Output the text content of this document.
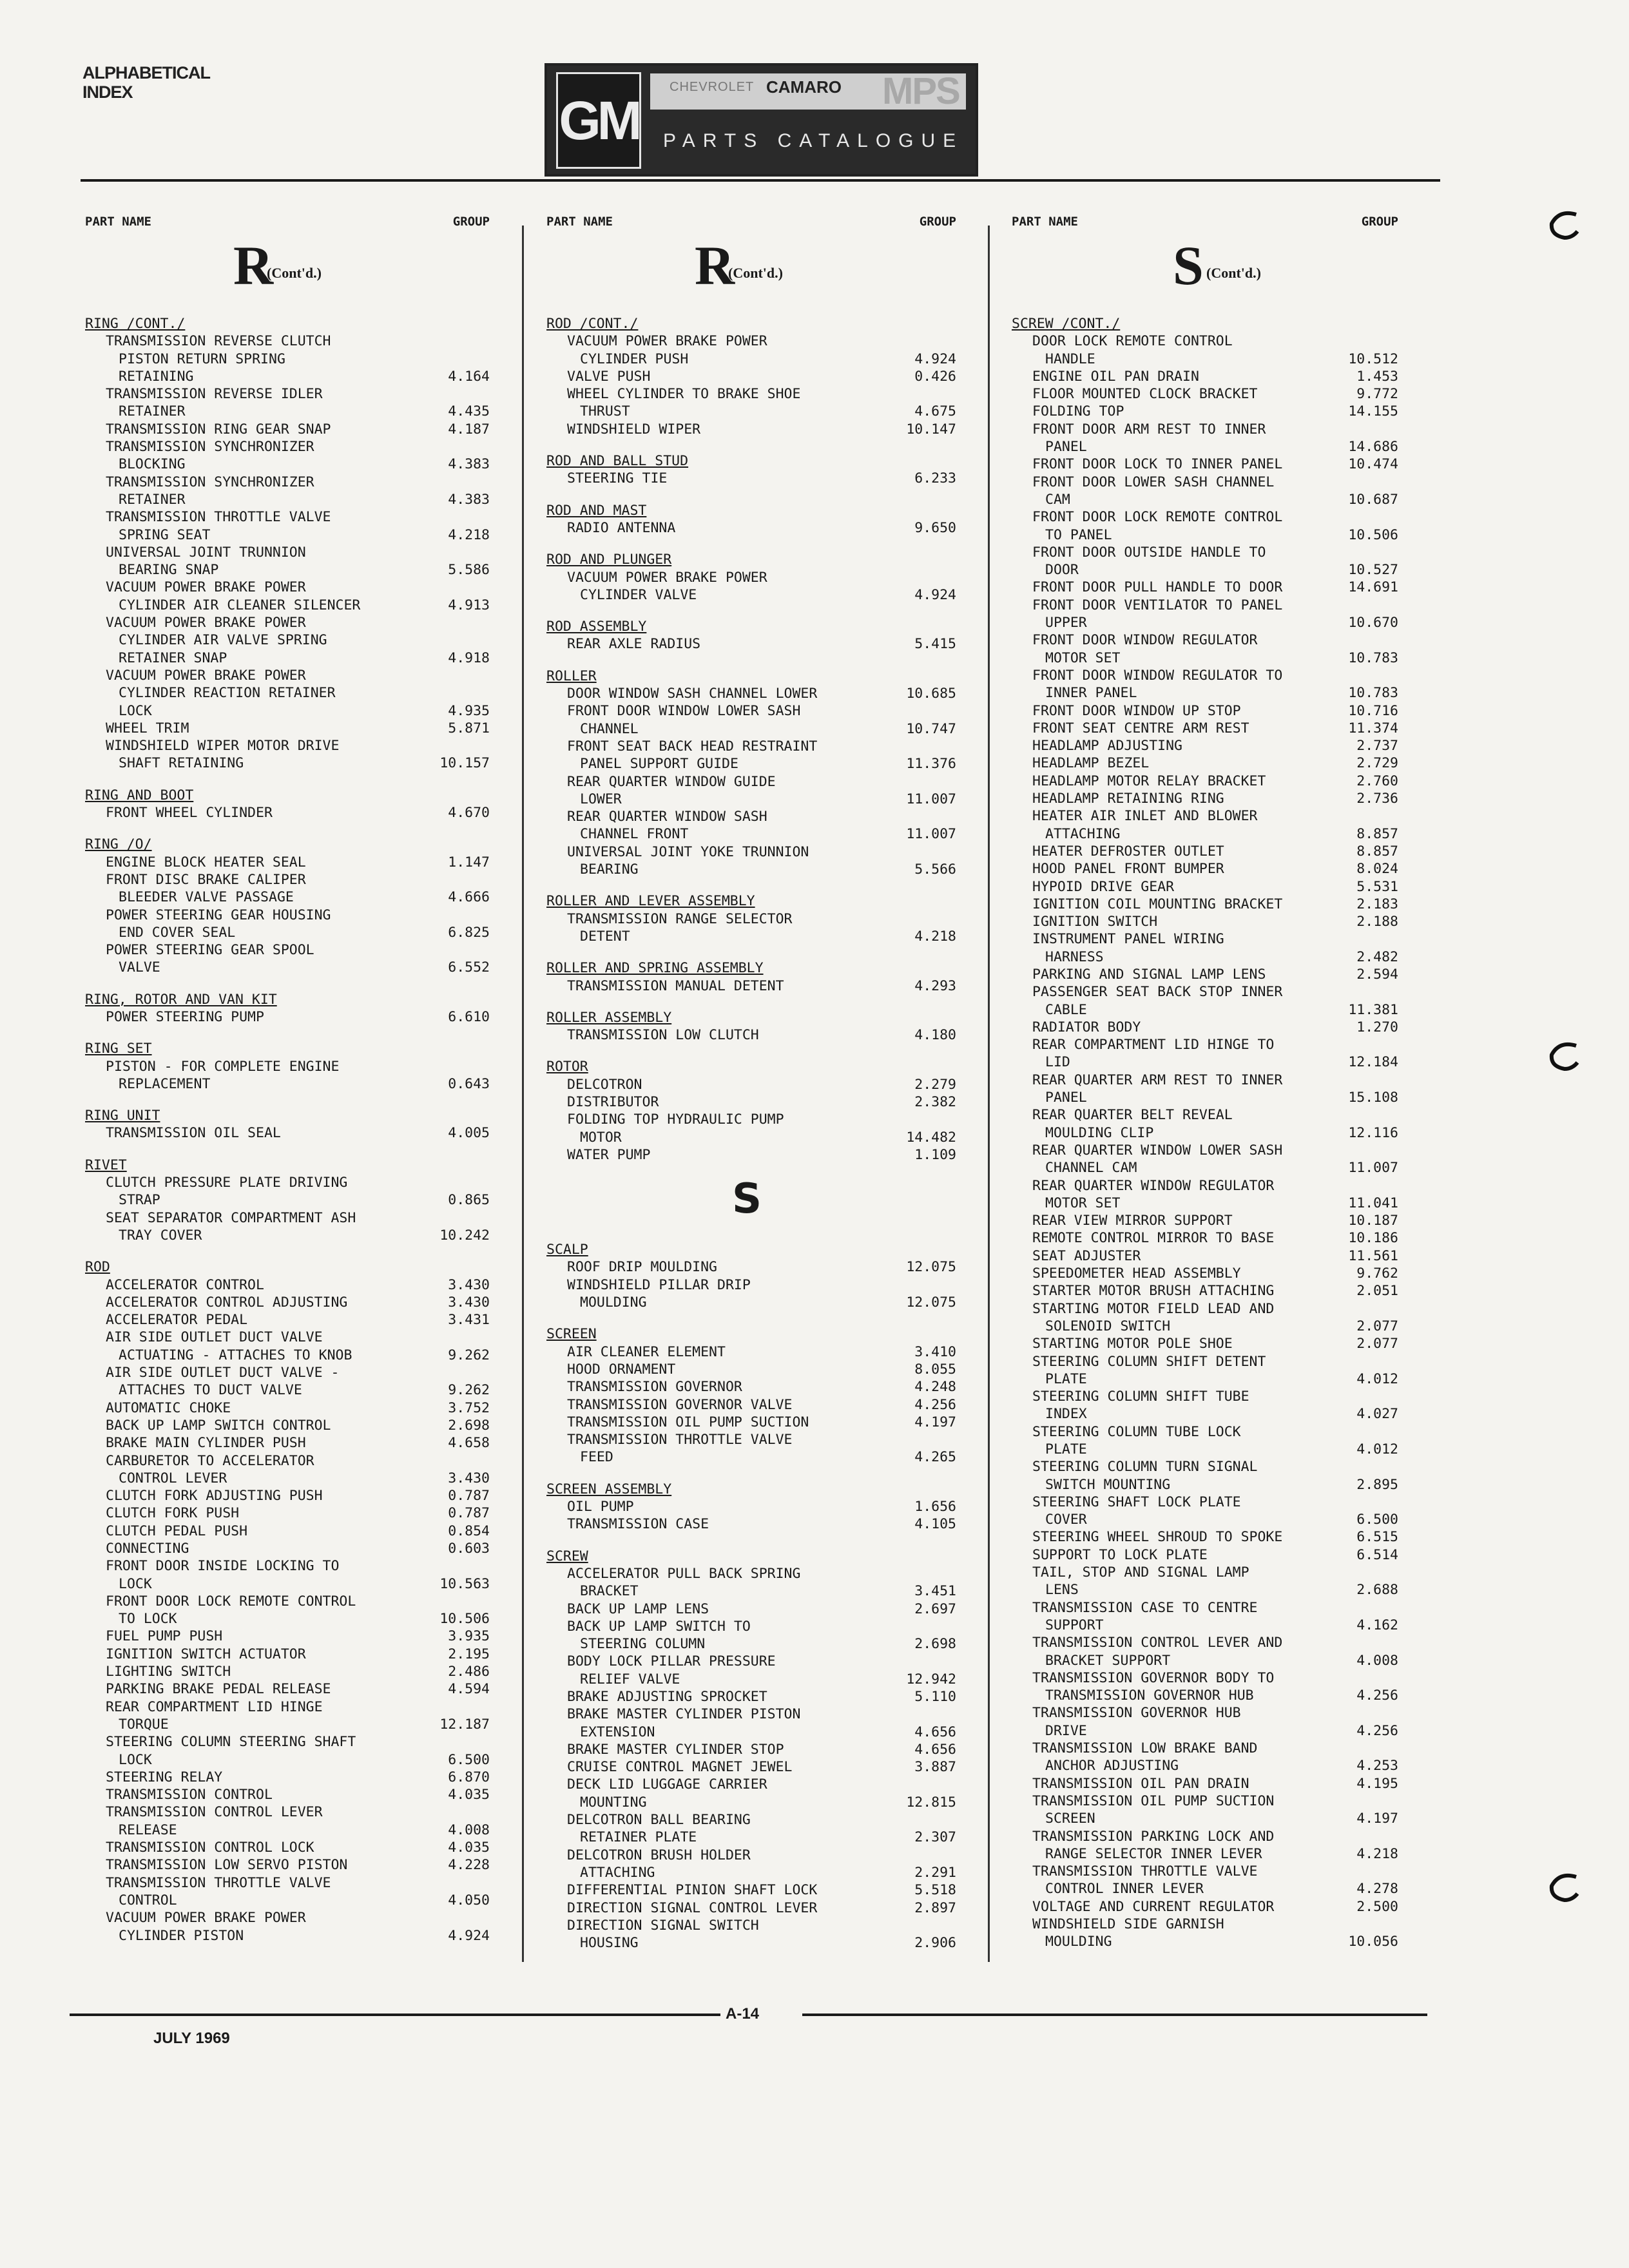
ALPHABETICAL
INDEX	GM
CHEVROLET CAMARO MPS
PARTS CATALOGUE
PART NAME	GROUP
R
(Cont'd.)
RING /CONT./
TRANSMISSION REVERSE CLUTCH
PISTON RETURN SPRING
RETAINING	4.164
TRANSMISSION REVERSE IDLER
RETAINER	4.435
TRANSMISSION RING GEAR SNAP	4.187
TRANSMISSION SYNCHRONIZER
BLOCKING	4.383
TRANSMISSION SYNCHRONIZER
RETAINER	4.383
TRANSMISSION THROTTLE VALVE
SPRING SEAT	4.218
UNIVERSAL JOINT TRUNNION
BEARING SNAP	5.586
VACUUM POWER BRAKE POWER
CYLINDER AIR CLEANER SILENCER	4.913
VACUUM POWER BRAKE POWER
CYLINDER AIR VALVE SPRING
RETAINER SNAP	4.918
VACUUM POWER BRAKE POWER
CYLINDER REACTION RETAINER
LOCK	4.935
WHEEL TRIM	5.871
WINDSHIELD WIPER MOTOR DRIVE
SHAFT RETAINING	10.157
RING AND BOOT
FRONT WHEEL CYLINDER	4.670
RING /O/
ENGINE BLOCK HEATER SEAL	1.147
FRONT DISC BRAKE CALIPER
BLEEDER VALVE PASSAGE	4.666
POWER STEERING GEAR HOUSING
END COVER SEAL	6.825
POWER STEERING GEAR SPOOL
VALVE	6.552
RING, ROTOR AND VAN KIT
POWER STEERING PUMP	6.610
RING SET
PISTON - FOR COMPLETE ENGINE
REPLACEMENT	0.643
RING UNIT
TRANSMISSION OIL SEAL	4.005
RIVET
CLUTCH PRESSURE PLATE DRIVING
STRAP	0.865
SEAT SEPARATOR COMPARTMENT ASH
TRAY COVER	10.242
ROD
ACCELERATOR CONTROL	3.430
ACCELERATOR CONTROL ADJUSTING	3.430
ACCELERATOR PEDAL	3.431
AIR SIDE OUTLET DUCT VALVE
ACTUATING - ATTACHES TO KNOB	9.262
AIR SIDE OUTLET DUCT VALVE -
ATTACHES TO DUCT VALVE	9.262
AUTOMATIC CHOKE	3.752
BACK UP LAMP SWITCH CONTROL	2.698
BRAKE MAIN CYLINDER PUSH	4.658
CARBURETOR TO ACCELERATOR
CONTROL LEVER	3.430
CLUTCH FORK ADJUSTING PUSH	0.787
CLUTCH FORK PUSH	0.787
CLUTCH PEDAL PUSH	0.854
CONNECTING	0.603
FRONT DOOR INSIDE LOCKING TO
LOCK	10.563
FRONT DOOR LOCK REMOTE CONTROL
TO LOCK	10.506
FUEL PUMP PUSH	3.935
IGNITION SWITCH ACTUATOR	2.195
LIGHTING SWITCH	2.486
PARKING BRAKE PEDAL RELEASE	4.594
REAR COMPARTMENT LID HINGE
TORQUE	12.187
STEERING COLUMN STEERING SHAFT
LOCK	6.500
STEERING RELAY	6.870
TRANSMISSION CONTROL	4.035
TRANSMISSION CONTROL LEVER
RELEASE	4.008
TRANSMISSION CONTROL LOCK	4.035
TRANSMISSION LOW SERVO PISTON	4.228
TRANSMISSION THROTTLE VALVE
CONTROL	4.050
VACUUM POWER BRAKE POWER
CYLINDER PISTON	4.924
PART NAME	GROUP
R
(Cont'd.)
ROD /CONT./
VACUUM POWER BRAKE POWER
CYLINDER PUSH	4.924
VALVE PUSH	0.426
WHEEL CYLINDER TO BRAKE SHOE
THRUST	4.675
WINDSHIELD WIPER	10.147
ROD AND BALL STUD
STEERING TIE	6.233
ROD AND MAST
RADIO ANTENNA	9.650
ROD AND PLUNGER
VACUUM POWER BRAKE POWER
CYLINDER VALVE	4.924
ROD ASSEMBLY
REAR AXLE RADIUS	5.415
ROLLER
DOOR WINDOW SASH CHANNEL LOWER	10.685
FRONT DOOR WINDOW LOWER SASH
CHANNEL	10.747
FRONT SEAT BACK HEAD RESTRAINT
PANEL SUPPORT GUIDE	11.376
REAR QUARTER WINDOW GUIDE
LOWER	11.007
REAR QUARTER WINDOW SASH
CHANNEL FRONT	11.007
UNIVERSAL JOINT YOKE TRUNNION
BEARING	5.566
ROLLER AND LEVER ASSEMBLY
TRANSMISSION RANGE SELECTOR
DETENT	4.218
ROLLER AND SPRING ASSEMBLY
TRANSMISSION MANUAL DETENT	4.293
ROLLER ASSEMBLY
TRANSMISSION LOW CLUTCH	4.180
ROTOR
DELCOTRON	2.279
DISTRIBUTOR	2.382
FOLDING TOP HYDRAULIC PUMP
MOTOR	14.482
WATER PUMP	1.109
S
SCALP
ROOF DRIP MOULDING	12.075
WINDSHIELD PILLAR DRIP
MOULDING	12.075
SCREEN
AIR CLEANER ELEMENT	3.410
HOOD ORNAMENT	8.055
TRANSMISSION GOVERNOR	4.248
TRANSMISSION GOVERNOR VALVE	4.256
TRANSMISSION OIL PUMP SUCTION	4.197
TRANSMISSION THROTTLE VALVE
FEED	4.265
SCREEN ASSEMBLY
OIL PUMP	1.656
TRANSMISSION CASE	4.105
SCREW
ACCELERATOR PULL BACK SPRING
BRACKET	3.451
BACK UP LAMP LENS	2.697
BACK UP LAMP SWITCH TO
STEERING COLUMN	2.698
BODY LOCK PILLAR PRESSURE
RELIEF VALVE	12.942
BRAKE ADJUSTING SPROCKET	5.110
BRAKE MASTER CYLINDER PISTON
EXTENSION	4.656
BRAKE MASTER CYLINDER STOP	4.656
CRUISE CONTROL MAGNET JEWEL	3.887
DECK LID LUGGAGE CARRIER
MOUNTING	12.815
DELCOTRON BALL BEARING
RETAINER PLATE	2.307
DELCOTRON BRUSH HOLDER
ATTACHING	2.291
DIFFERENTIAL PINION SHAFT LOCK	5.518
DIRECTION SIGNAL CONTROL LEVER	2.897
DIRECTION SIGNAL SWITCH
HOUSING	2.906
PART NAME	GROUP
S (Cont'd.)
SCREW /CONT./
DOOR LOCK REMOTE CONTROL
HANDLE	10.512
ENGINE OIL PAN DRAIN	1.453
FLOOR MOUNTED CLOCK BRACKET	9.772
FOLDING TOP	14.155
FRONT DOOR ARM REST TO INNER
PANEL	14.686
FRONT DOOR LOCK TO INNER PANEL	10.474
FRONT DOOR LOWER SASH CHANNEL
CAM	10.687
FRONT DOOR LOCK REMOTE CONTROL
TO PANEL	10.506
FRONT DOOR OUTSIDE HANDLE TO
DOOR	10.527
FRONT DOOR PULL HANDLE TO DOOR	14.691
FRONT DOOR VENTILATOR TO PANEL
UPPER	10.670
FRONT DOOR WINDOW REGULATOR
MOTOR SET	10.783
FRONT DOOR WINDOW REGULATOR TO
INNER PANEL	10.783
FRONT DOOR WINDOW UP STOP	10.716
FRONT SEAT CENTRE ARM REST	11.374
HEADLAMP ADJUSTING	2.737
HEADLAMP BEZEL	2.729
HEADLAMP MOTOR RELAY BRACKET	2.760
HEADLAMP RETAINING RING	2.736
HEATER AIR INLET AND BLOWER
ATTACHING	8.857
HEATER DEFROSTER OUTLET	8.857
HOOD PANEL FRONT BUMPER	8.024
HYPOID DRIVE GEAR	5.531
IGNITION COIL MOUNTING BRACKET	2.183
IGNITION SWITCH	2.188
INSTRUMENT PANEL WIRING
HARNESS	2.482
PARKING AND SIGNAL LAMP LENS	2.594
PASSENGER SEAT BACK STOP INNER
CABLE	11.381
RADIATOR BODY	1.270
REAR COMPARTMENT LID HINGE TO
LID	12.184
REAR QUARTER ARM REST TO INNER
PANEL	15.108
REAR QUARTER BELT REVEAL
MOULDING CLIP	12.116
REAR QUARTER WINDOW LOWER SASH
CHANNEL CAM	11.007
REAR QUARTER WINDOW REGULATOR
MOTOR SET	11.041
REAR VIEW MIRROR SUPPORT	10.187
REMOTE CONTROL MIRROR TO BASE	10.186
SEAT ADJUSTER	11.561
SPEEDOMETER HEAD ASSEMBLY	9.762
STARTER MOTOR BRUSH ATTACHING	2.051
STARTING MOTOR FIELD LEAD AND
SOLENOID SWITCH	2.077
STARTING MOTOR POLE SHOE	2.077
STEERING COLUMN SHIFT DETENT
PLATE	4.012
STEERING COLUMN SHIFT TUBE
INDEX	4.027
STEERING COLUMN TUBE LOCK
PLATE	4.012
STEERING COLUMN TURN SIGNAL
SWITCH MOUNTING	2.895
STEERING SHAFT LOCK PLATE
COVER	6.500
STEERING WHEEL SHROUD TO SPOKE	6.515
SUPPORT TO LOCK PLATE	6.514
TAIL, STOP AND SIGNAL LAMP
LENS	2.688
TRANSMISSION CASE TO CENTRE
SUPPORT	4.162
TRANSMISSION CONTROL LEVER AND
BRACKET SUPPORT	4.008
TRANSMISSION GOVERNOR BODY TO
TRANSMISSION GOVERNOR HUB	4.256
TRANSMISSION GOVERNOR HUB
DRIVE	4.256
TRANSMISSION LOW BRAKE BAND
ANCHOR ADJUSTING	4.253
TRANSMISSION OIL PAN DRAIN	4.195
TRANSMISSION OIL PUMP SUCTION
SCREEN	4.197
TRANSMISSION PARKING LOCK AND
RANGE SELECTOR INNER LEVER	4.218
TRANSMISSION THROTTLE VALVE
CONTROL INNER LEVER	4.278
VOLTAGE AND CURRENT REGULATOR	2.500
WINDSHIELD SIDE GARNISH
MOULDING	10.056
A-14
JULY 1969
